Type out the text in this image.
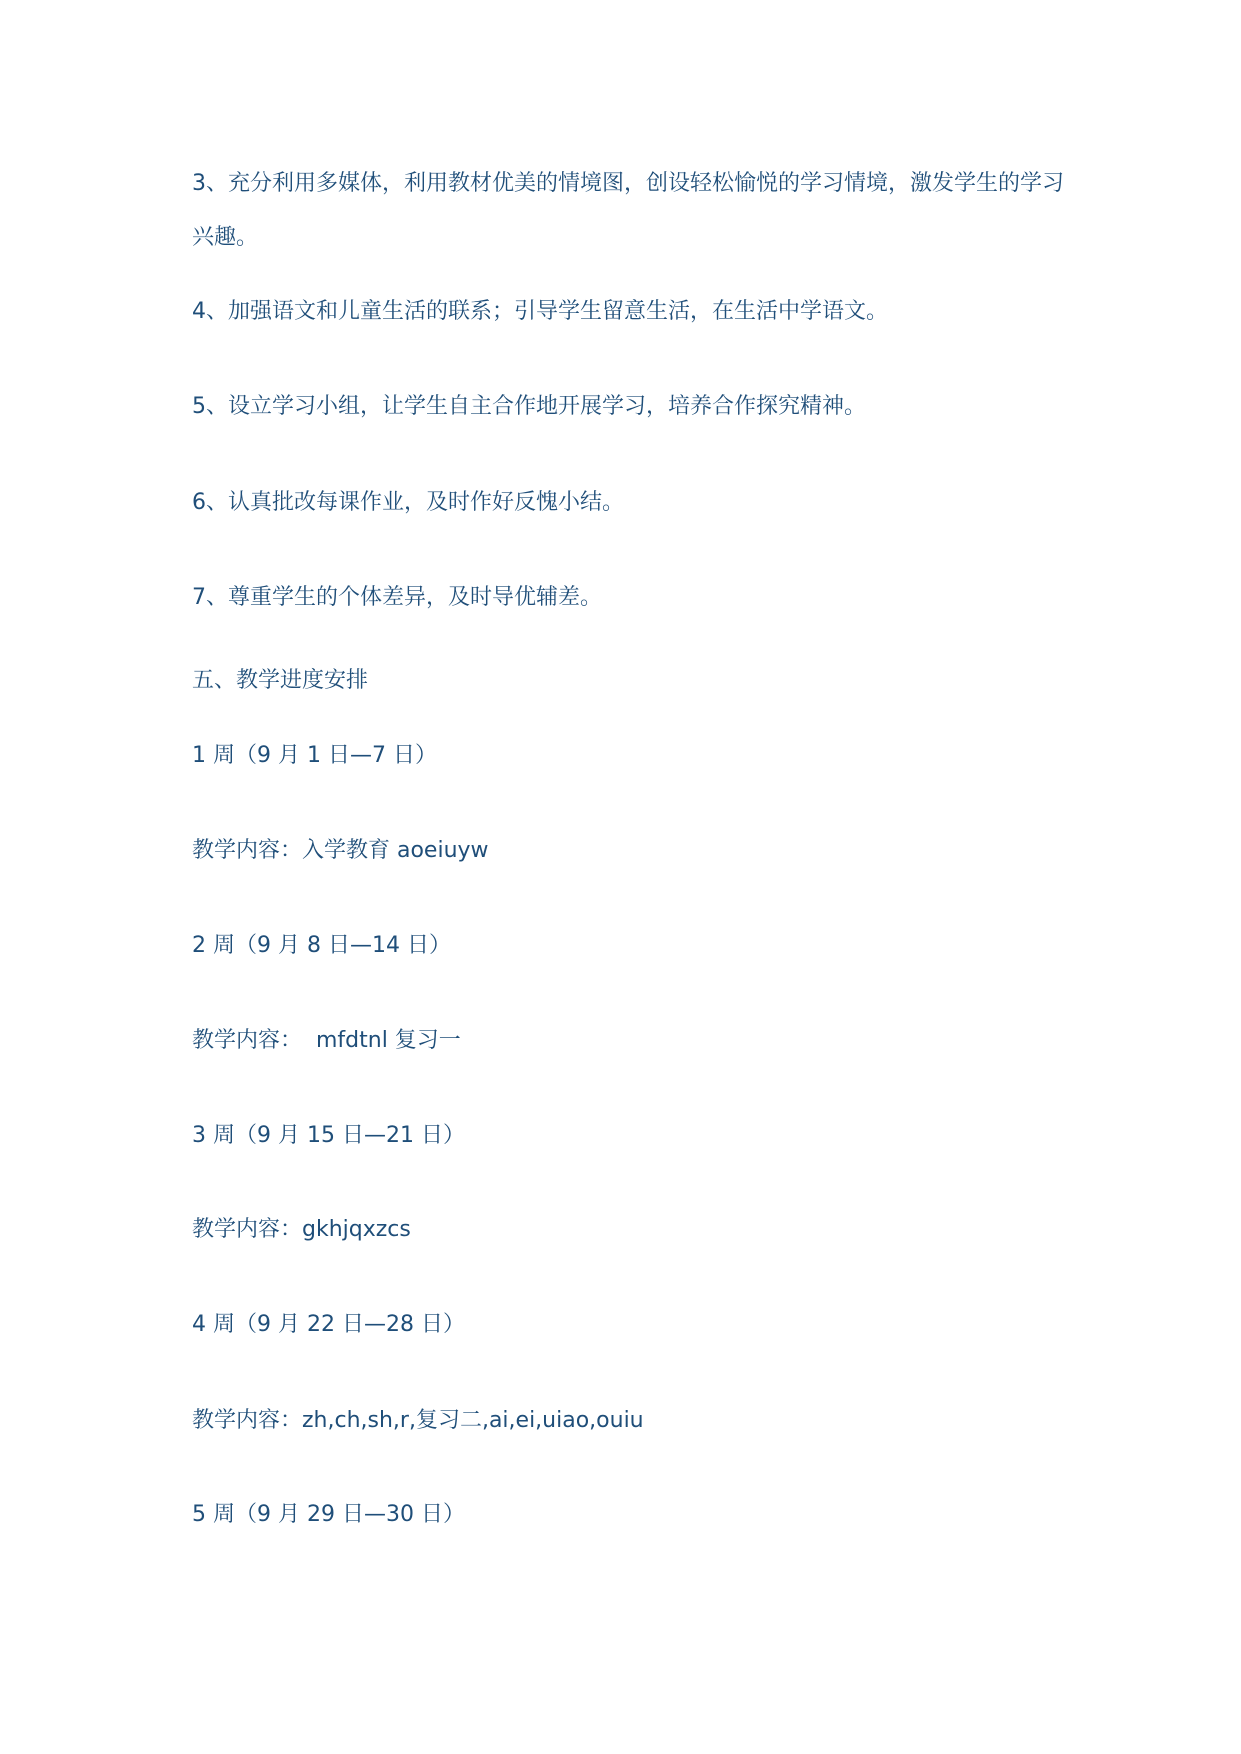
3、充分利用多媒体，利用教材优美的情境图，创设轻松愉悦的学习情境，激发学生的学习

兴趣。

4、加强语文和儿童生活的联系；引导学生留意生活，在生活中学语文。

5、设立学习小组，让学生自主合作地开展学习，培养合作探究精神。

6、认真批改每课作业，及时作好反愧小结。

7、尊重学生的个体差异，及时导优辅差。

五、教学进度安排

1 周（9 月 1 日—7 日）

教学内容：入学教育 aoeiuyw

2 周（9 月 8 日—14 日）

教学内容：  mfdtnl 复习一

3 周（9 月 15 日—21 日）

教学内容：gkhjqxzcs

4 周（9 月 22 日—28 日）

教学内容：zh,ch,sh,r,复习二,ai,ei,uiao,ouiu

5 周（9 月 29 日—30 日）
